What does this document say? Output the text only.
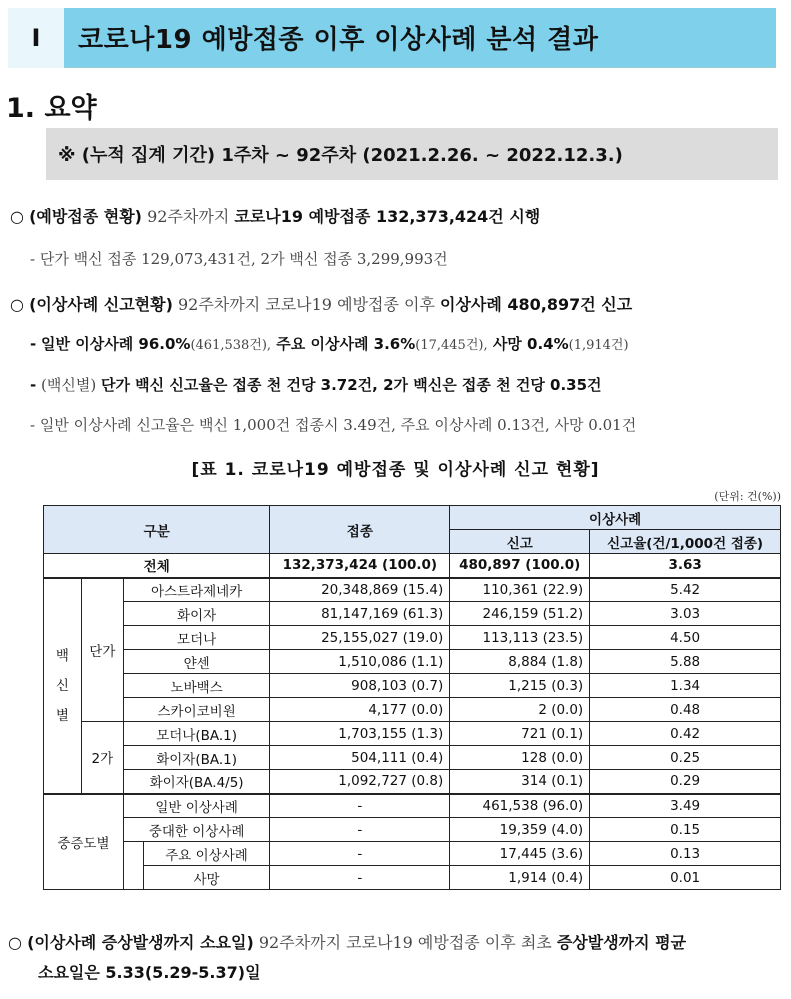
Ⅰ	코로나19 예방접종 이후 이상사례 분석 결과
1. 요약
※ (누적 집계 기간) 1주차 ~ 92주차 (2021.2.26. ~ 2022.12.3.)
○ (예방접종 현황) 92주차까지 코로나19 예방접종 132,373,424건 시행
- 단가 백신 접종 129,073,431건, 2가 백신 접종 3,299,993건
○ (이상사례 신고현황) 92주차까지 코로나19 예방접종 이후 이상사례 480,897건 신고
- 일반 이상사례 96.0%(461,538건), 주요 이상사례 3.6%(17,445건), 사망 0.4%(1,914건)
- (백신별) 단가 백신 신고율은 접종 천 건당 3.72건, 2가 백신은 접종 천 건당 0.35건
- 일반 이상사례 신고율은 백신 1,000건 접종시 3.49건, 주요 이상사례 0.13건, 사망 0.01건
[표 1. 코로나19 예방접종 및 이상사례 신고 현황]
(단위: 건(%))
구분				접종	이상사례	
					신고	신고율(건/1,000건 접종)
전체				132,373,424 (100.0)	480,897 (100.0)	3.63
백
신
별	단가	아스트라제네카		20,348,869 (15.4)	110,361 (22.9)	5.42
		화이자		81,147,169 (61.3)	246,159 (51.2)	3.03
		모더나		25,155,027 (19.0)	113,113 (23.5)	4.50
		얀센		1,510,086 (1.1)	8,884 (1.8)	5.88
		노바백스		908,103 (0.7)	1,215 (0.3)	1.34
		스카이코비원		4,177 (0.0)	2 (0.0)	0.48
	2가	모더나(BA.1)		1,703,155 (1.3)	721 (0.1)	0.42
		화이자(BA.1)		504,111 (0.4)	128 (0.0)	0.25
		화이자(BA.4/5)		1,092,727 (0.8)	314 (0.1)	0.29
중증도별		일반 이상사례		-	461,538 (96.0)	3.49
		중대한 이상사례		-	19,359 (4.0)	0.15
			주요 이상사례	-	17,445 (3.6)	0.13
			사망	-	1,914 (0.4)	0.01
○ (이상사례 증상발생까지 소요일) 92주차까지 코로나19 예방접종 이후 최초 증상발생까지 평균
소요일은 5.33(5.29-5.37)일
